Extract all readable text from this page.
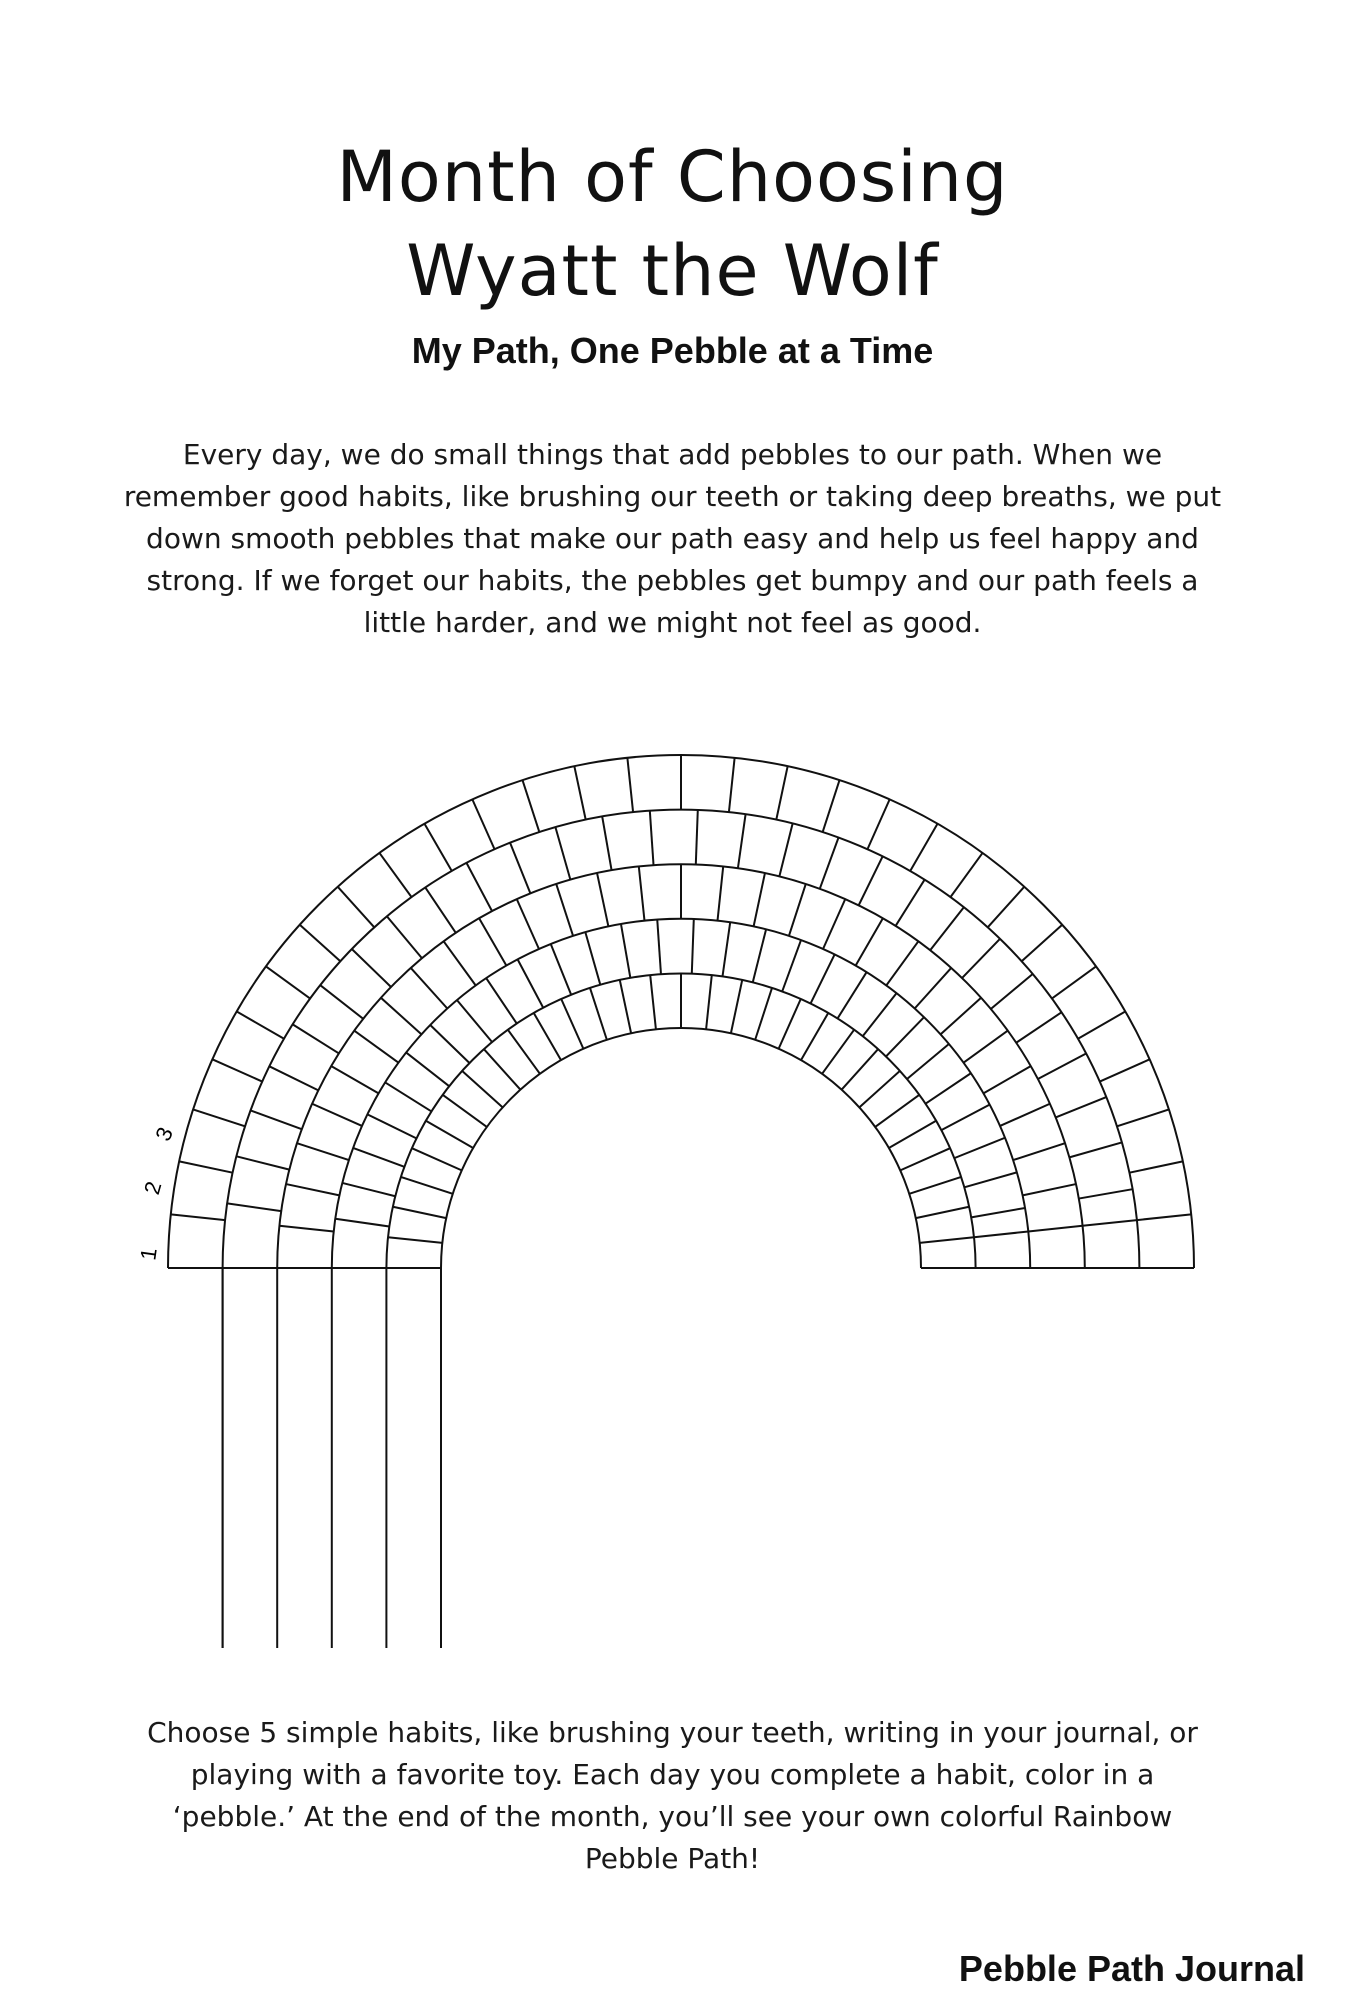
Month of Choosing
Wyatt the Wolf
My Path, One Pebble at a Time
Every day, we do small things that add pebbles to our path. When we remember good habits, like brushing our teeth or taking deep breaths, we put down smooth pebbles that make our path easy and help us feel happy and strong. If we forget our habits, the pebbles get bumpy and our path feels a little harder, and we might not feel as good.
1
2
3
Choose 5 simple habits, like brushing your teeth, writing in your journal, or playing with a favorite toy. Each day you complete a habit, color in a ‘pebble.’ At the end of the month, you’ll see your own colorful Rainbow Pebble Path!
Pebble Path Journal
